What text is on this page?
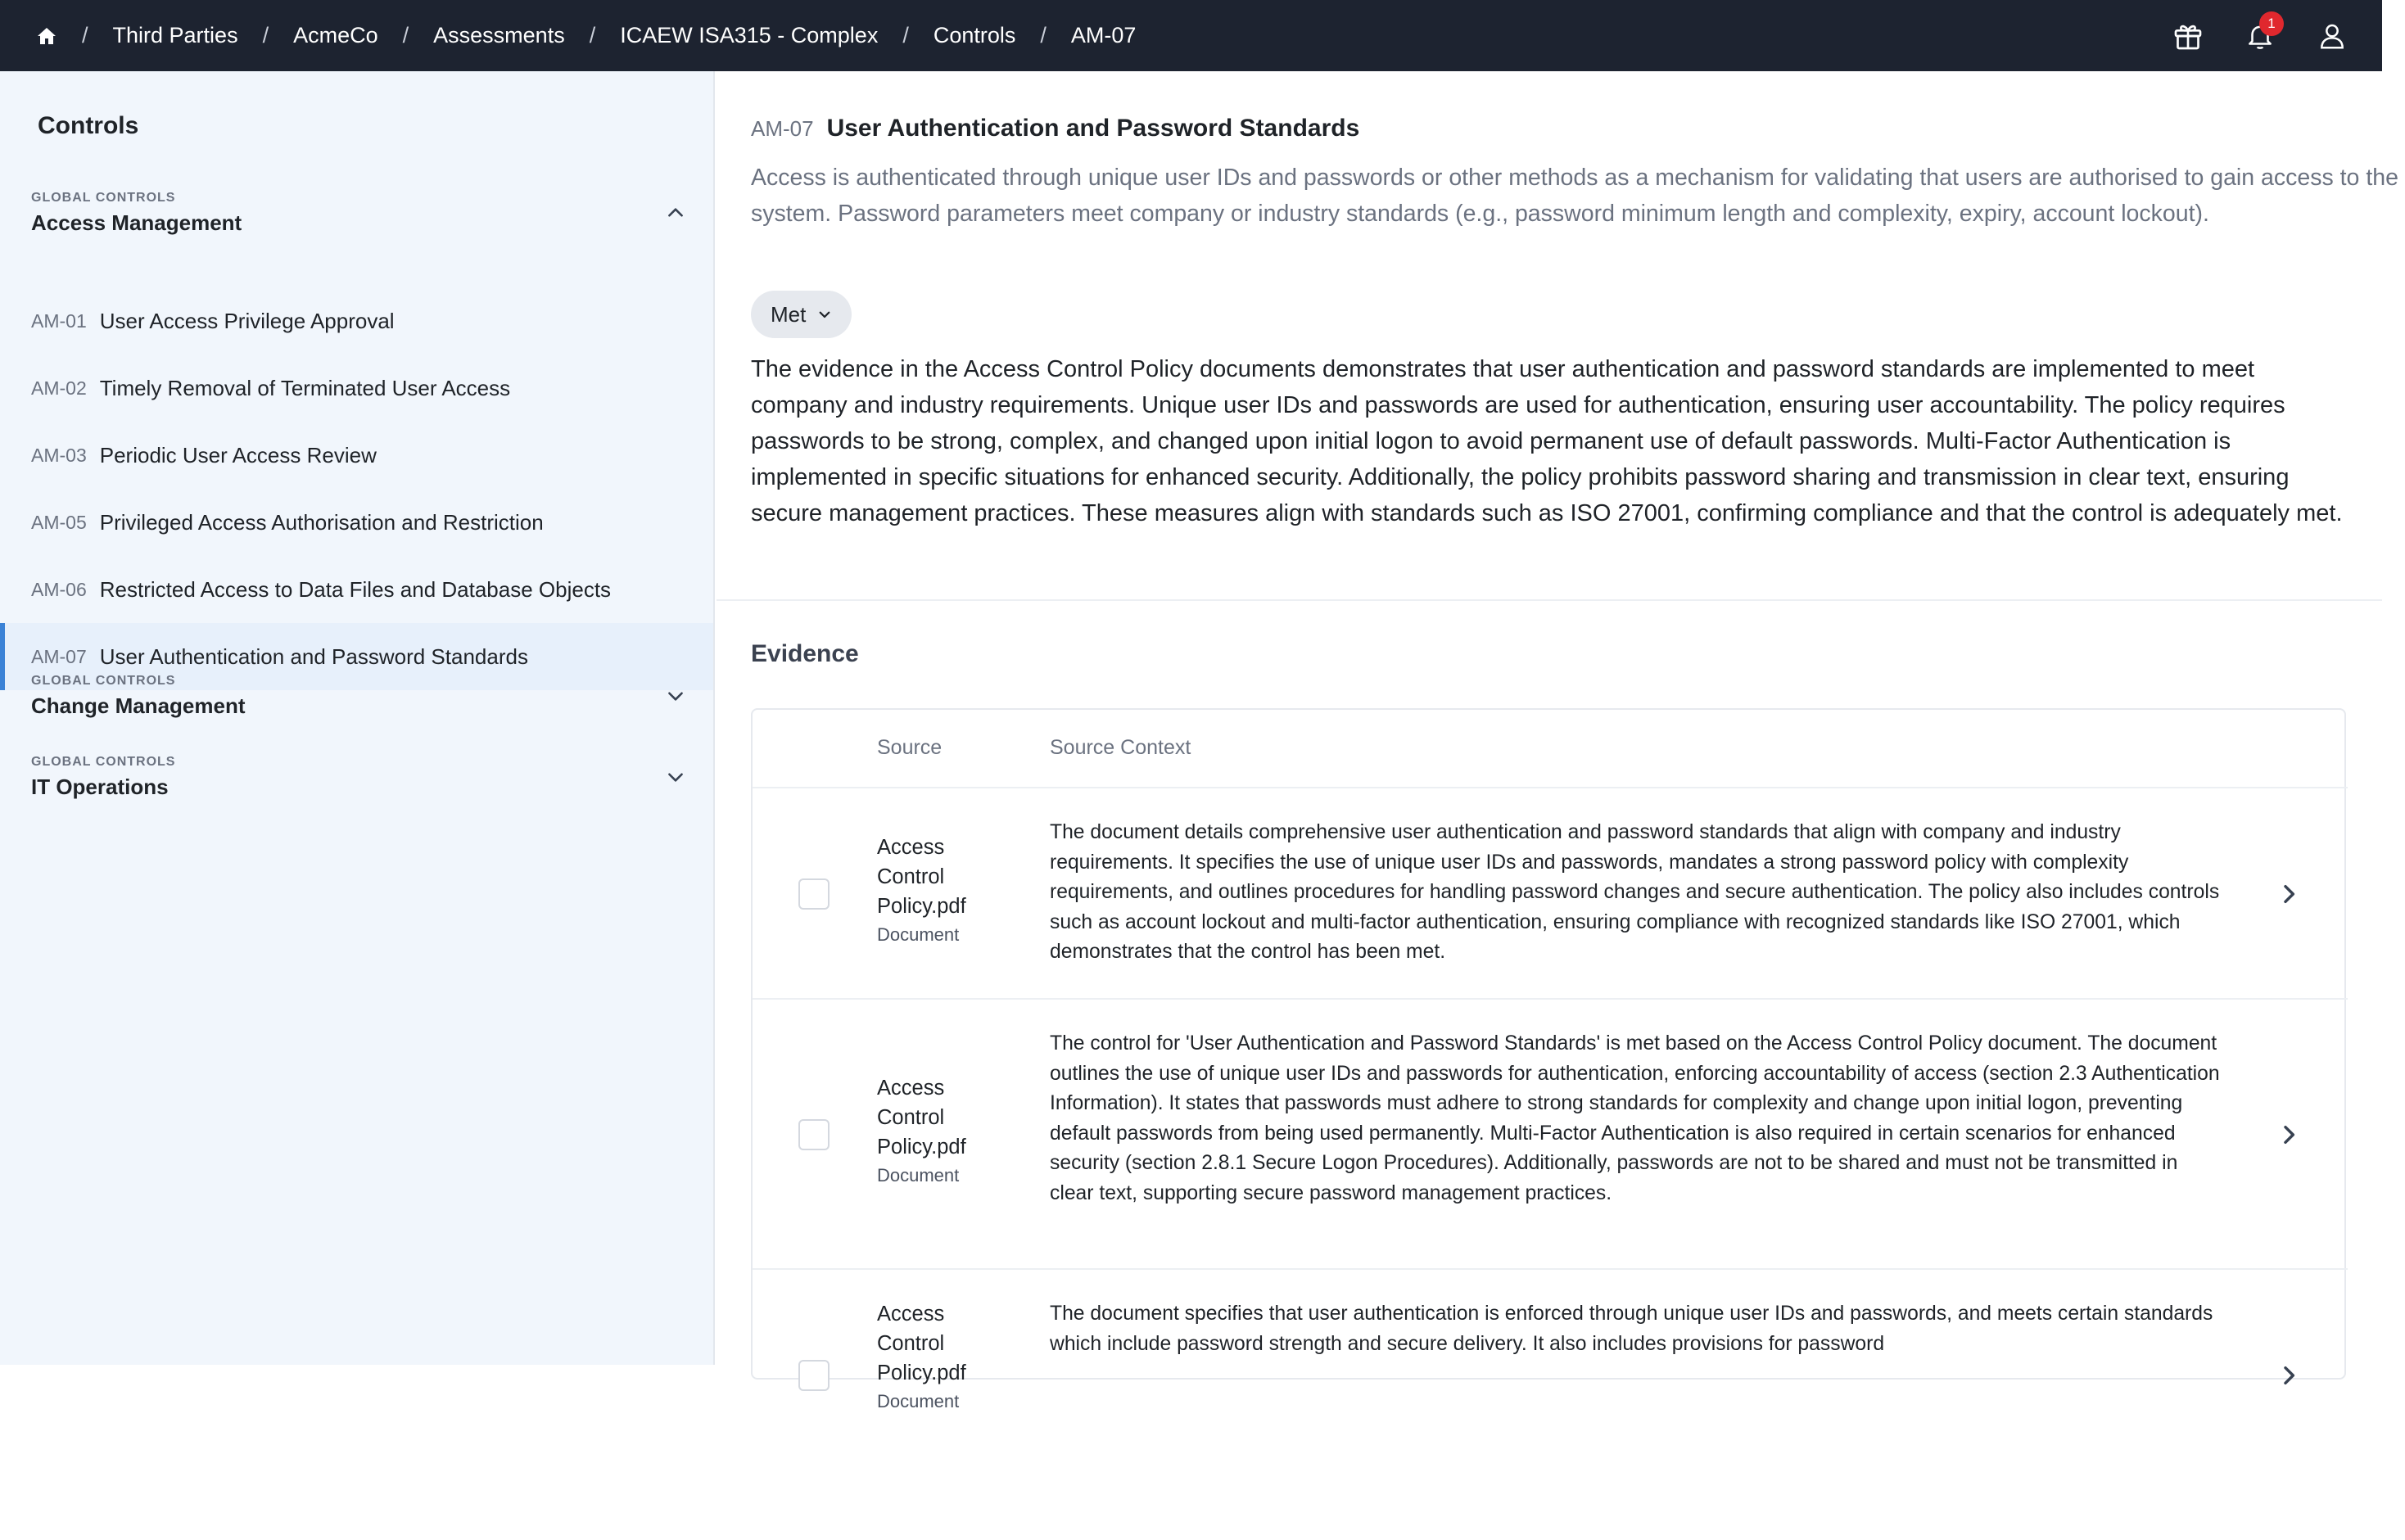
/ Third Parties / AcmeCo / Assessments / ICAEW ISA315 - Complex / Controls / AM-07	1
Controls
GLOBAL CONTROLS
Access Management
AM-01 User Access Privilege Approval
AM-02 Timely Removal of Terminated User Access
AM-03 Periodic User Access Review
AM-05 Privileged Access Authorisation and Restriction
AM-06 Restricted Access to Data Files and Database Objects
AM-07 User Authentication and Password Standards
GLOBAL CONTROLS
Change Management
GLOBAL CONTROLS
IT Operations
AM-07 User Authentication and Password Standards

Access is authenticated through unique user IDs and passwords or other methods as a mechanism for validating that users are authorised to gain access to the system. Password parameters meet company or industry standards (e.g., password minimum length and complexity, expiry, account lockout).

Met

The evidence in the Access Control Policy documents demonstrates that user authentication and password standards are implemented to meet company and industry requirements. Unique user IDs and passwords are used for authentication, ensuring user accountability. The policy requires passwords to be strong, complex, and changed upon initial logon to avoid permanent use of default passwords. Multi-Factor Authentication is implemented in specific situations for enhanced security. Additionally, the policy prohibits password sharing and transmission in clear text, ensuring secure management practices. These measures align with standards such as ISO 27001, confirming compliance and that the control is adequately met.

Evidence
Source	Source Context
Access Control Policy.pdf
Document

The document details comprehensive user authentication and password standards that align with company and industry requirements. It specifies the use of unique user IDs and passwords, mandates a strong password policy with complexity requirements, and outlines procedures for handling password changes and secure authentication. The policy also includes controls such as account lockout and multi-factor authentication, ensuring compliance with recognized standards like ISO 27001, which demonstrates that the control has been met.

Access Control Policy.pdf
Document

The control for 'User Authentication and Password Standards' is met based on the Access Control Policy document. The document outlines the use of unique user IDs and passwords for authentication, enforcing accountability of access (section 2.3 Authentication Information). It states that passwords must adhere to strong standards for complexity and change upon initial logon, preventing default passwords from being used permanently. Multi-Factor Authentication is also required in certain scenarios for enhanced security (section 2.8.1 Secure Logon Procedures). Additionally, passwords are not to be shared and must not be transmitted in clear text, supporting secure password management practices.

Access Control Policy.pdf
Document

The document specifies that user authentication is enforced through unique user IDs and passwords, and meets certain standards which include password strength and secure delivery. It also includes provisions for password
